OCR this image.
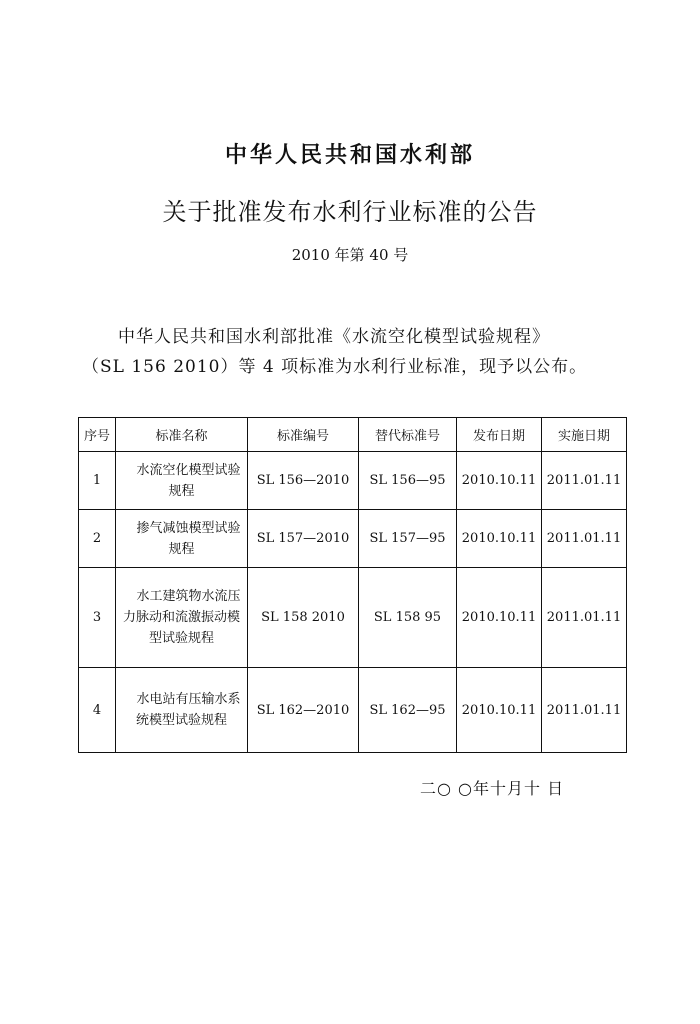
中华人民共和国水利部
关于批准发布水利行业标准的公告
2010 年第 40 号

中华人民共和国水利部批准《水流空化模型试验规程》

（SL 156 2010）等 4 项标准为水利行业标准，现予以公布。

序号	标准名称	标准编号	替代标准号	发布日期	实施日期
1	水流空化模型试验规程	SL 156—2010	SL 156—95	2010.10.11	2011.01.11
2	掺气减蚀模型试验规程	SL 157—2010	SL 157—95	2010.10.11	2011.01.11
3	水工建筑物水流压力脉动和流激振动模型试验规程	SL 158 2010	SL 158 95	2010.10.11	2011.01.11
4	水电站有压输水系统模型试验规程	SL 162—2010	SL 162—95	2010.10.11	2011.01.11
二○ ○年十月十 日
